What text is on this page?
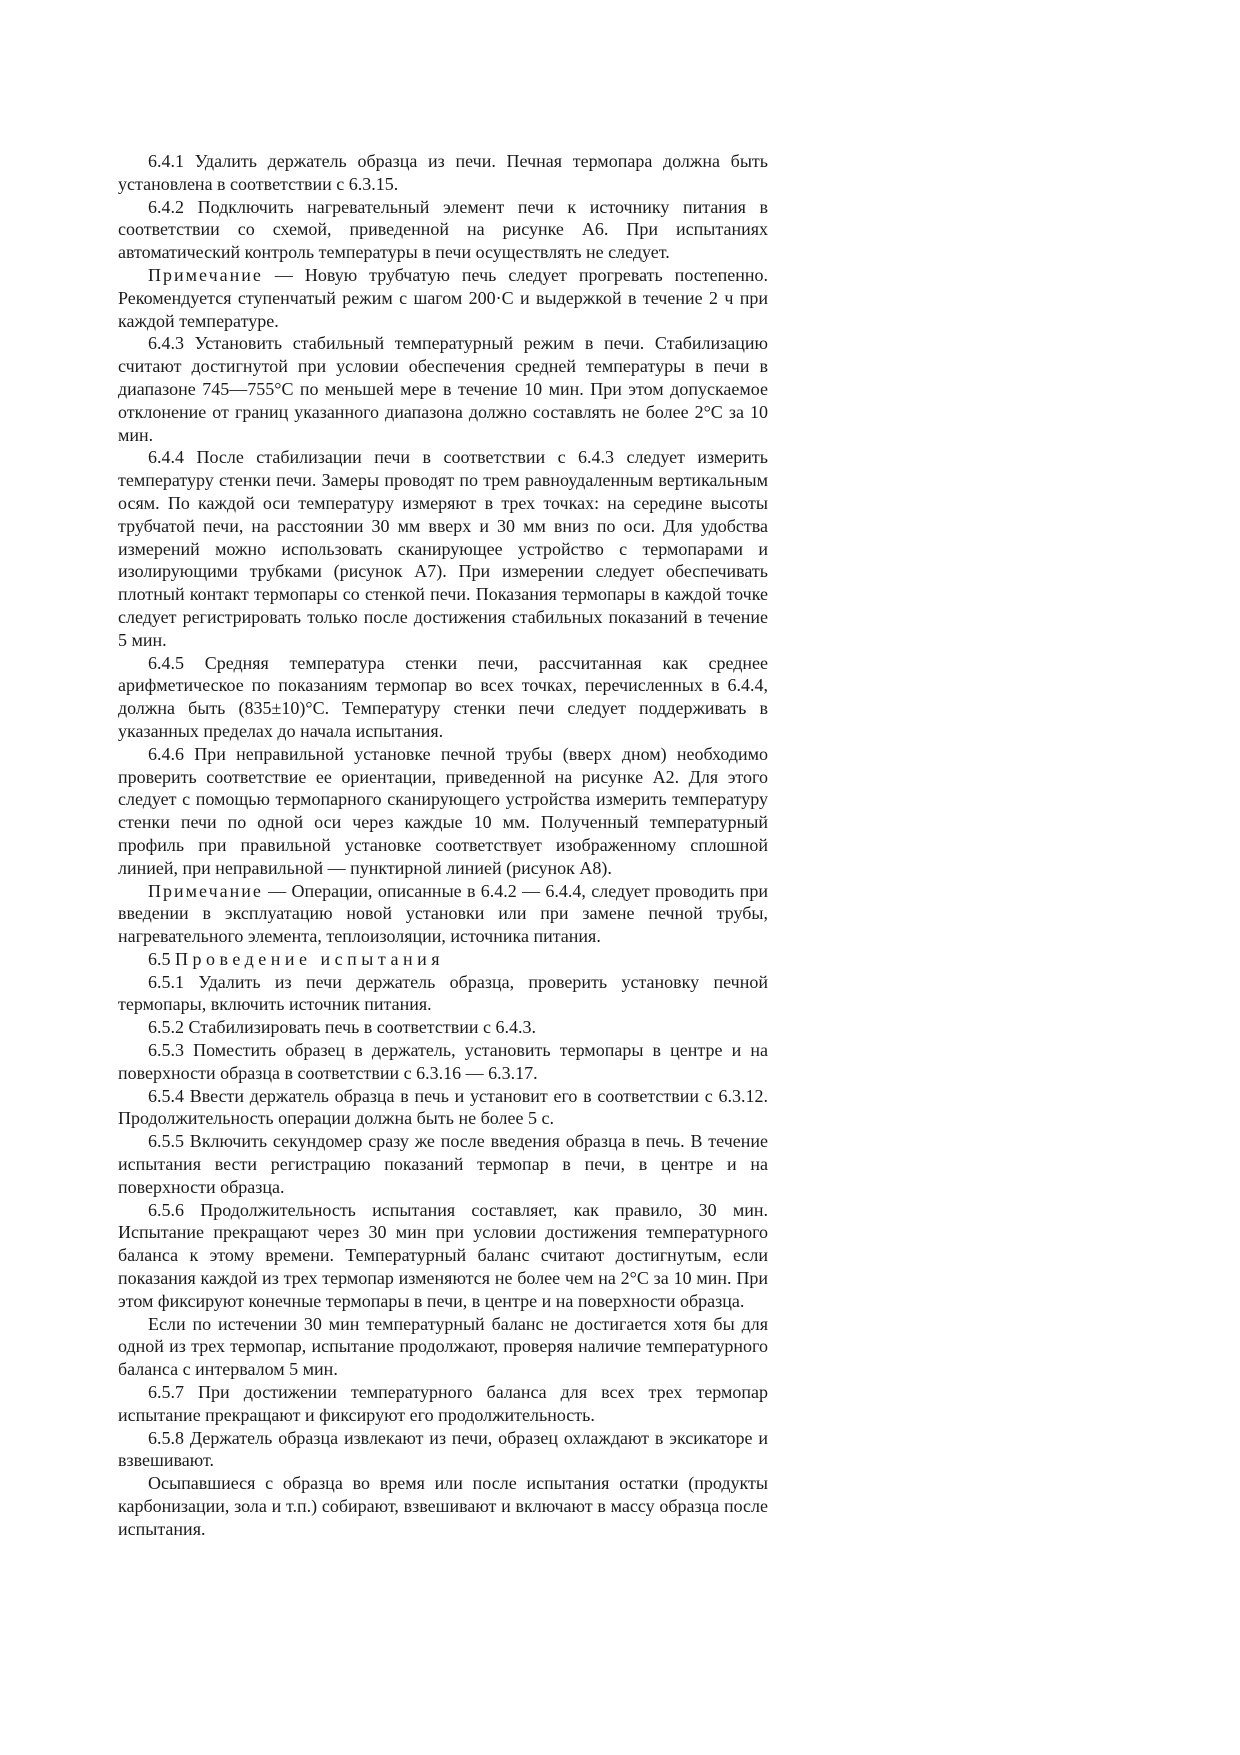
6.4.1 Удалить держатель образца из печи. Печная термопара должна быть установлена в соответствии с 6.3.15.

6.4.2 Подключить нагревательный элемент печи к источнику питания в соответствии со схемой, приведенной на рисунке А6. При испытаниях автоматический контроль температуры в печи осуществлять не следует.

Примечание — Новую трубчатую печь следует прогревать постепенно. Рекомендуется ступенчатый режим с шагом 200·С и выдержкой в течение 2 ч при каждой температуре.

6.4.3 Установить стабильный температурный режим в печи. Стабилизацию считают достигнутой при условии обеспечения средней температуры в печи в диапазоне 745—755°С по меньшей мере в течение 10 мин. При этом допускаемое отклонение от границ указанного диапазона должно составлять не более 2°С за 10 мин.

6.4.4 После стабилизации печи в соответствии с 6.4.3 следует измерить температуру стенки печи. Замеры проводят по трем равноудаленным вертикальным осям. По каждой оси температуру измеряют в трех точках: на середине высоты трубчатой печи, на расстоянии 30 мм вверх и 30 мм вниз по оси. Для удобства измерений можно использовать сканирующее устройство с термопарами и изолирующими трубками (рисунок А7). При измерении следует обеспечивать плотный контакт термопары со стенкой печи. Показания термопары в каждой точке следует регистрировать только после достижения стабильных показаний в течение 5 мин.

6.4.5 Средняя температура стенки печи, рассчитанная как среднее арифметическое по показаниям термопар во всех точках, перечисленных в 6.4.4, должна быть (835±10)°С. Температуру стенки печи следует поддерживать в указанных пределах до начала испытания.

6.4.6 При неправильной установке печной трубы (вверх дном) необходимо проверить соответствие ее ориентации, приведенной на рисунке А2. Для этого следует с помощью термопарного сканирующего устройства измерить температуру стенки печи по одной оси через каждые 10 мм. Полученный температурный профиль при правильной установке соответствует изображенному сплошной линией, при неправильной — пунктирной линией (рисунок А8).

Примечание — Операции, описанные в 6.4.2 — 6.4.4, следует проводить при введении в эксплуатацию новой установки или при замене печной трубы, нагревательного элемента, теплоизоляции, источника питания.

6.5 Проведение испытания

6.5.1 Удалить из печи держатель образца, проверить установку печной термопары, включить источник питания.

6.5.2 Стабилизировать печь в соответствии с 6.4.3.

6.5.3 Поместить образец в держатель, установить термопары в центре и на поверхности образца в соответствии с 6.3.16 — 6.3.17.

6.5.4 Ввести держатель образца в печь и установит его в соответствии с 6.3.12. Продолжительность операции должна быть не более 5 с.

6.5.5 Включить секундомер сразу же после введения образца в печь. В течение испытания вести регистрацию показаний термопар в печи, в центре и на поверхности образца.

6.5.6 Продолжительность испытания составляет, как правило, 30 мин. Испытание прекращают через 30 мин при условии достижения температурного баланса к этому времени. Температурный баланс считают достигнутым, если показания каждой из трех термопар изменяются не более чем на 2°С за 10 мин. При этом фиксируют конечные термопары в печи, в центре и на поверхности образца.

Если по истечении 30 мин температурный баланс не достигается хотя бы для одной из трех термопар, испытание продолжают, проверяя наличие температурного баланса с интервалом 5 мин.

6.5.7 При достижении температурного баланса для всех трех термопар испытание прекращают и фиксируют его продолжительность.

6.5.8 Держатель образца извлекают из печи, образец охлаждают в эксикаторе и взвешивают.

Осыпавшиеся с образца во время или после испытания остатки (продукты карбонизации, зола и т.п.) собирают, взвешивают и включают в массу образца после испытания.
